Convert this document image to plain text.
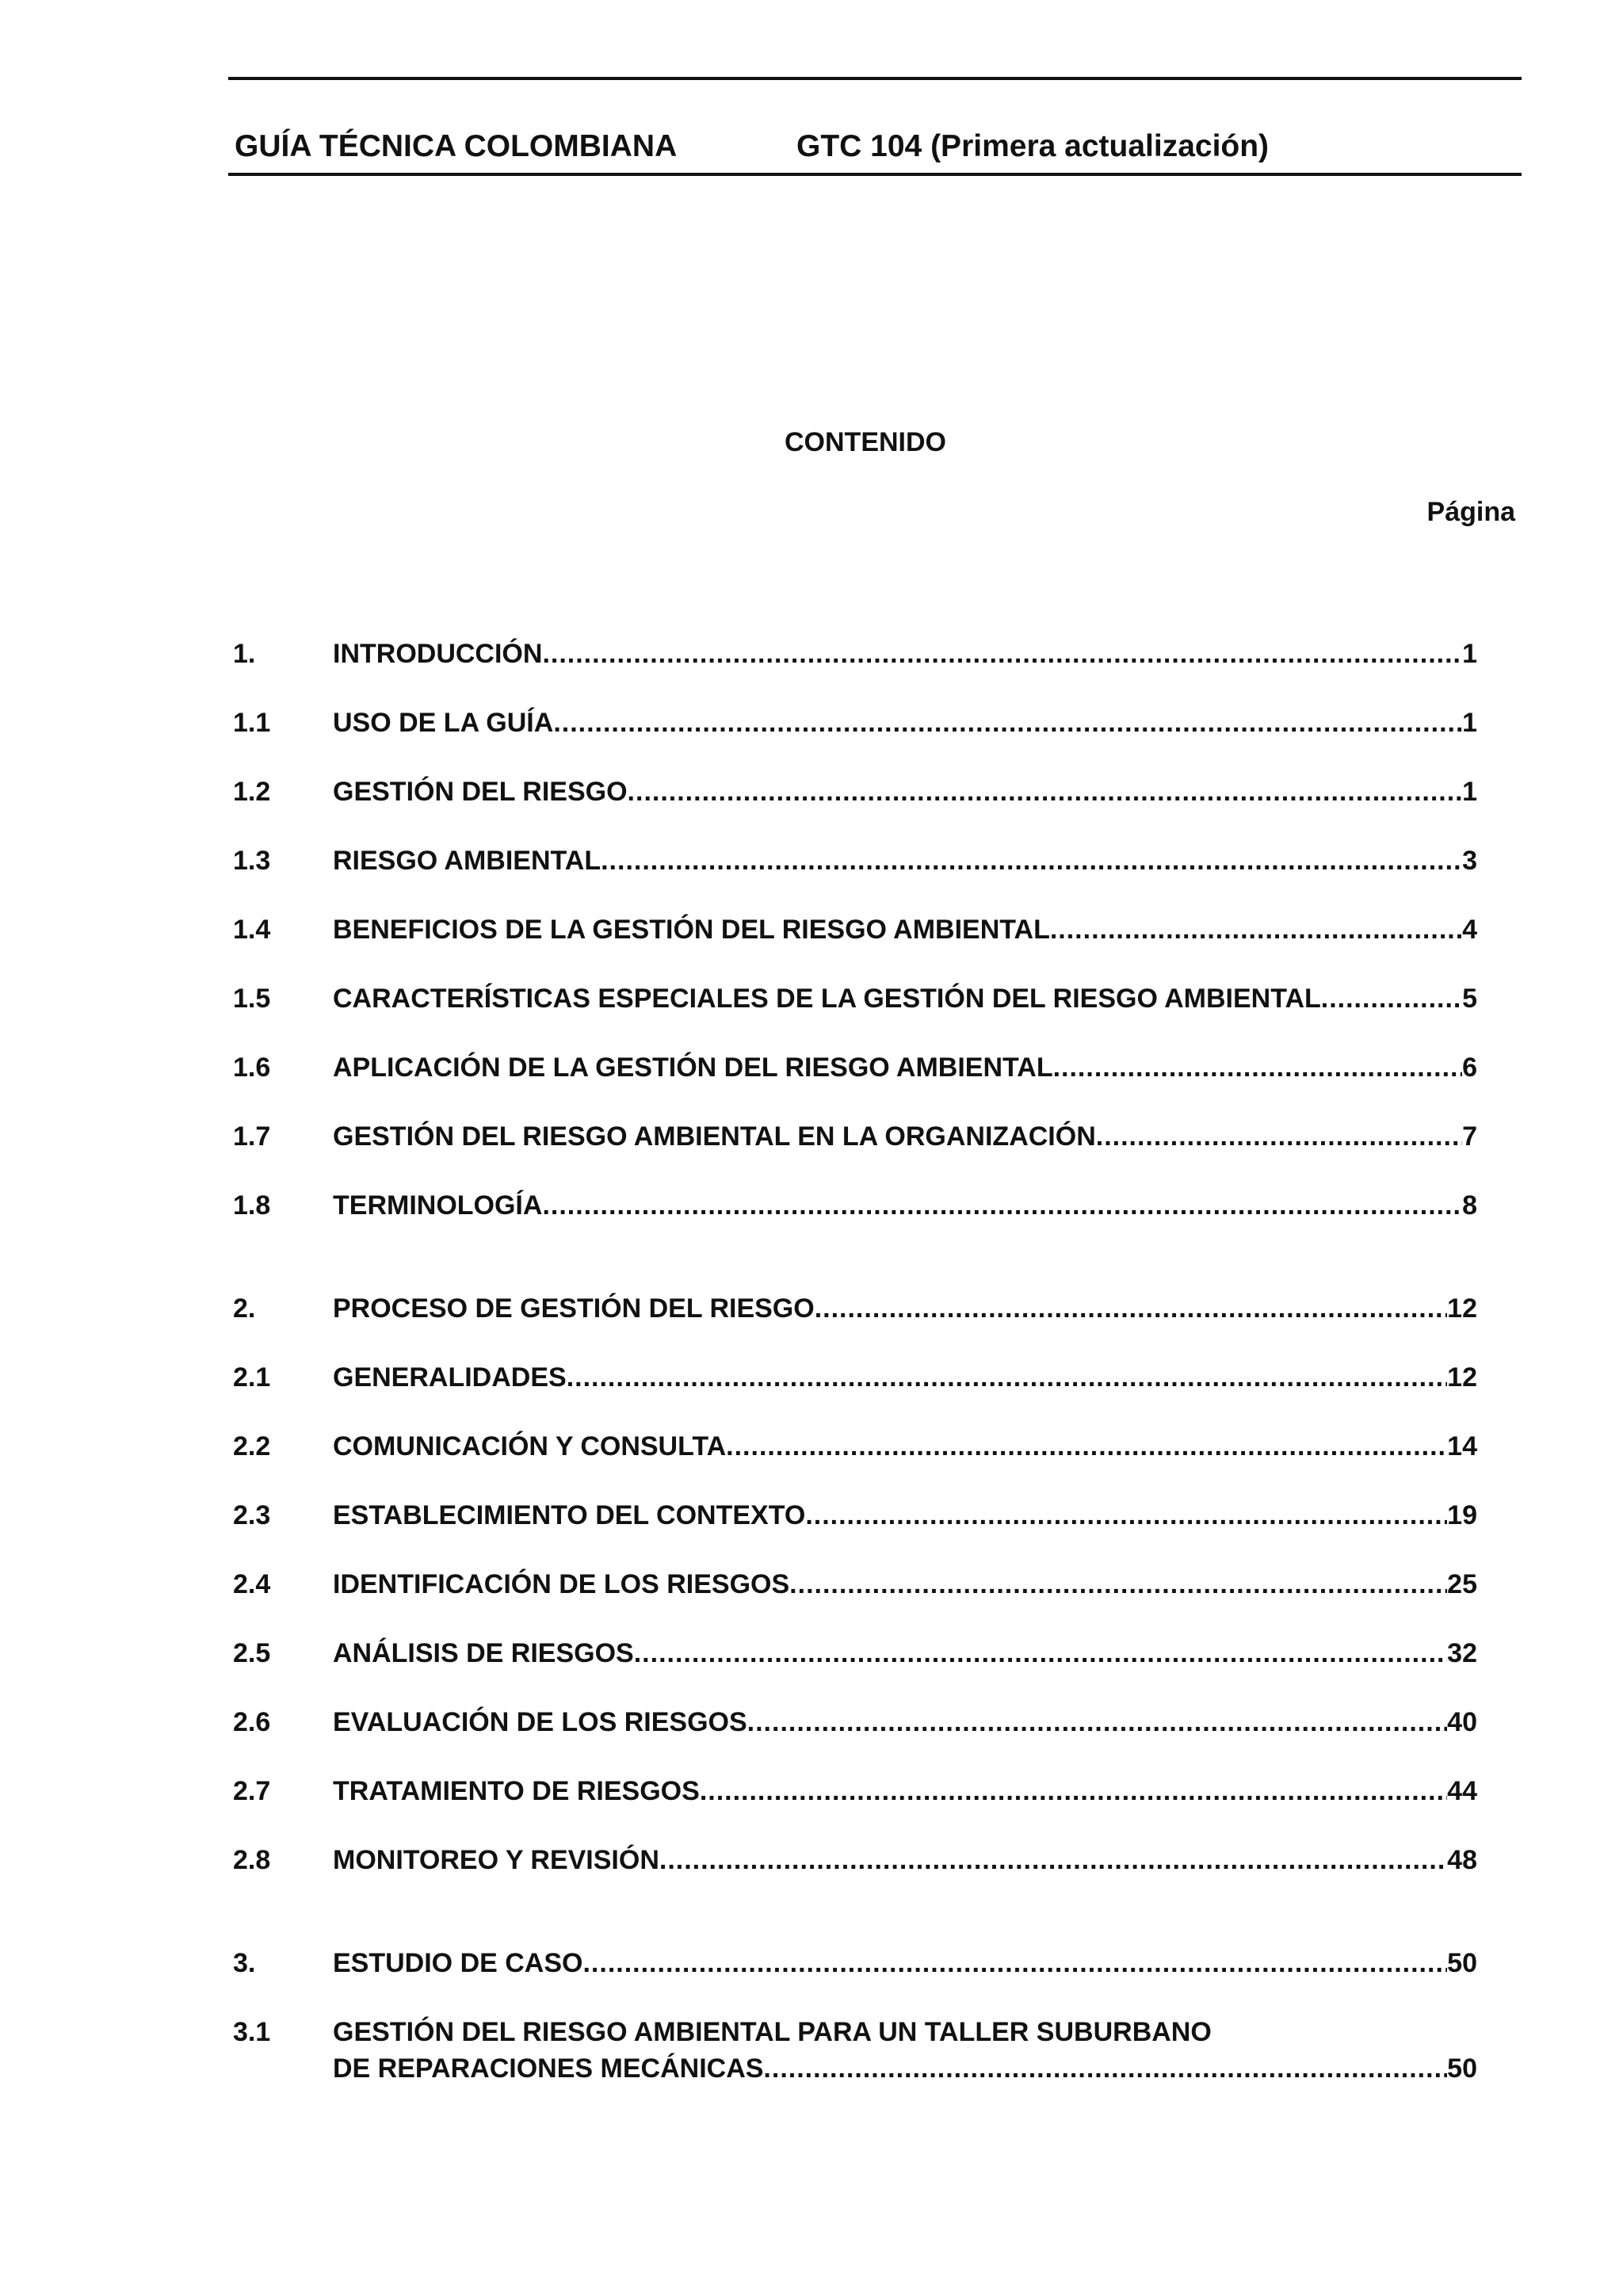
GUÍA TÉCNICA COLOMBIANA	GTC 104 (Primera actualización)
CONTENIDO
Página
1.	INTRODUCCIÓN .....	1
1.1 USO DE LA GUÍA .....	1
1.2 GESTIÓN DEL RIESGO .....	1
1.3 RIESGO AMBIENTAL .....	3
1.4 BENEFICIOS DE LA GESTIÓN DEL RIESGO AMBIENTAL .....	4
1.5 CARACTERÍSTICAS ESPECIALES DE LA GESTIÓN DEL RIESGO AMBIENTAL .....	5
1.6 APLICACIÓN DE LA GESTIÓN DEL RIESGO AMBIENTAL .....	6
1.7 GESTIÓN DEL RIESGO AMBIENTAL EN LA ORGANIZACIÓN .....	7
1.8 TERMINOLOGÍA .....	8
2.	PROCESO DE GESTIÓN DEL RIESGO .....	12
2.1 GENERALIDADES .....	12
2.2 COMUNICACIÓN Y CONSULTA .....	14
2.3 ESTABLECIMIENTO DEL CONTEXTO .....	19
2.4 IDENTIFICACIÓN DE LOS RIESGOS .....	25
2.5 ANÁLISIS DE RIESGOS .....	32
2.6 EVALUACIÓN DE LOS RIESGOS .....	40
2.7 TRATAMIENTO DE RIESGOS .....	44
2.8 MONITOREO Y REVISIÓN .....	48
3.	ESTUDIO DE CASO .....	50
3.1 GESTIÓN DEL RIESGO AMBIENTAL PARA UN TALLER SUBURBANO
DE REPARACIONES MECÁNICAS .....	50
